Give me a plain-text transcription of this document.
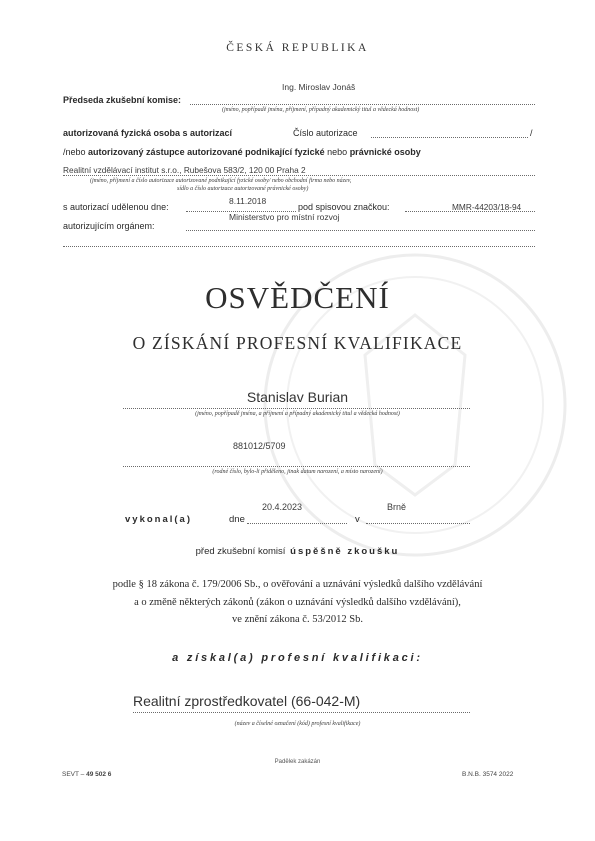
ČESKÁ REPUBLIKA
Ing. Miroslav Jonáš
Předseda zkušební komise:
(jméno, popřípadě jména, příjmení, případný akademický titul a vědecká hodnost)
autorizovaná fyzická osoba s autorizací	Číslo autorizace	/
/nebo autorizovaný zástupce autorizované podnikající fyzické nebo právnické osoby
Realitní vzdělávací institut s.r.o., Rubešova 583/2, 120 00 Praha 2
(jméno, příjmení a číslo autorizace autorizované podnikající fyzické osoby/ nebo obchodní firma nebo název,
sídlo a číslo autorizace autorizované právnické osoby)
8.11.2018
s autorizací udělenou dne:	pod spisovou značkou:	MMR-44203/18-94
Ministerstvo pro místní rozvoj
autorizujícím orgánem:
OSVĚDČENÍ
O ZÍSKÁNÍ PROFESNÍ KVALIFIKACE
Stanislav Burian
(jméno, popřípadě jména, a příjmení a případný akademický titul a vědecká hodnost)
881012/5709
(rodné číslo, bylo-li přiděleno, jinak datum narození, a místo narození)
20.4.2023	Brně
vykonal(a)	dne	v
před zkušební komisí úspěšně zkoušku
podle § 18 zákona č. 179/2006 Sb., o ověřování a uznávání výsledků dalšího vzdělávání
a o změně některých zákonů (zákon o uznávání výsledků dalšího vzdělávání),
ve znění zákona č. 53/2012 Sb.
a získal(a) profesní kvalifikaci:
Realitní zprostředkovatel (66-042-M)
(název a číselné označení (kód) profesní kvalifikace)
Padělek zakázán
SEVT – 49 502 6	B.N.B. 3574 2022
